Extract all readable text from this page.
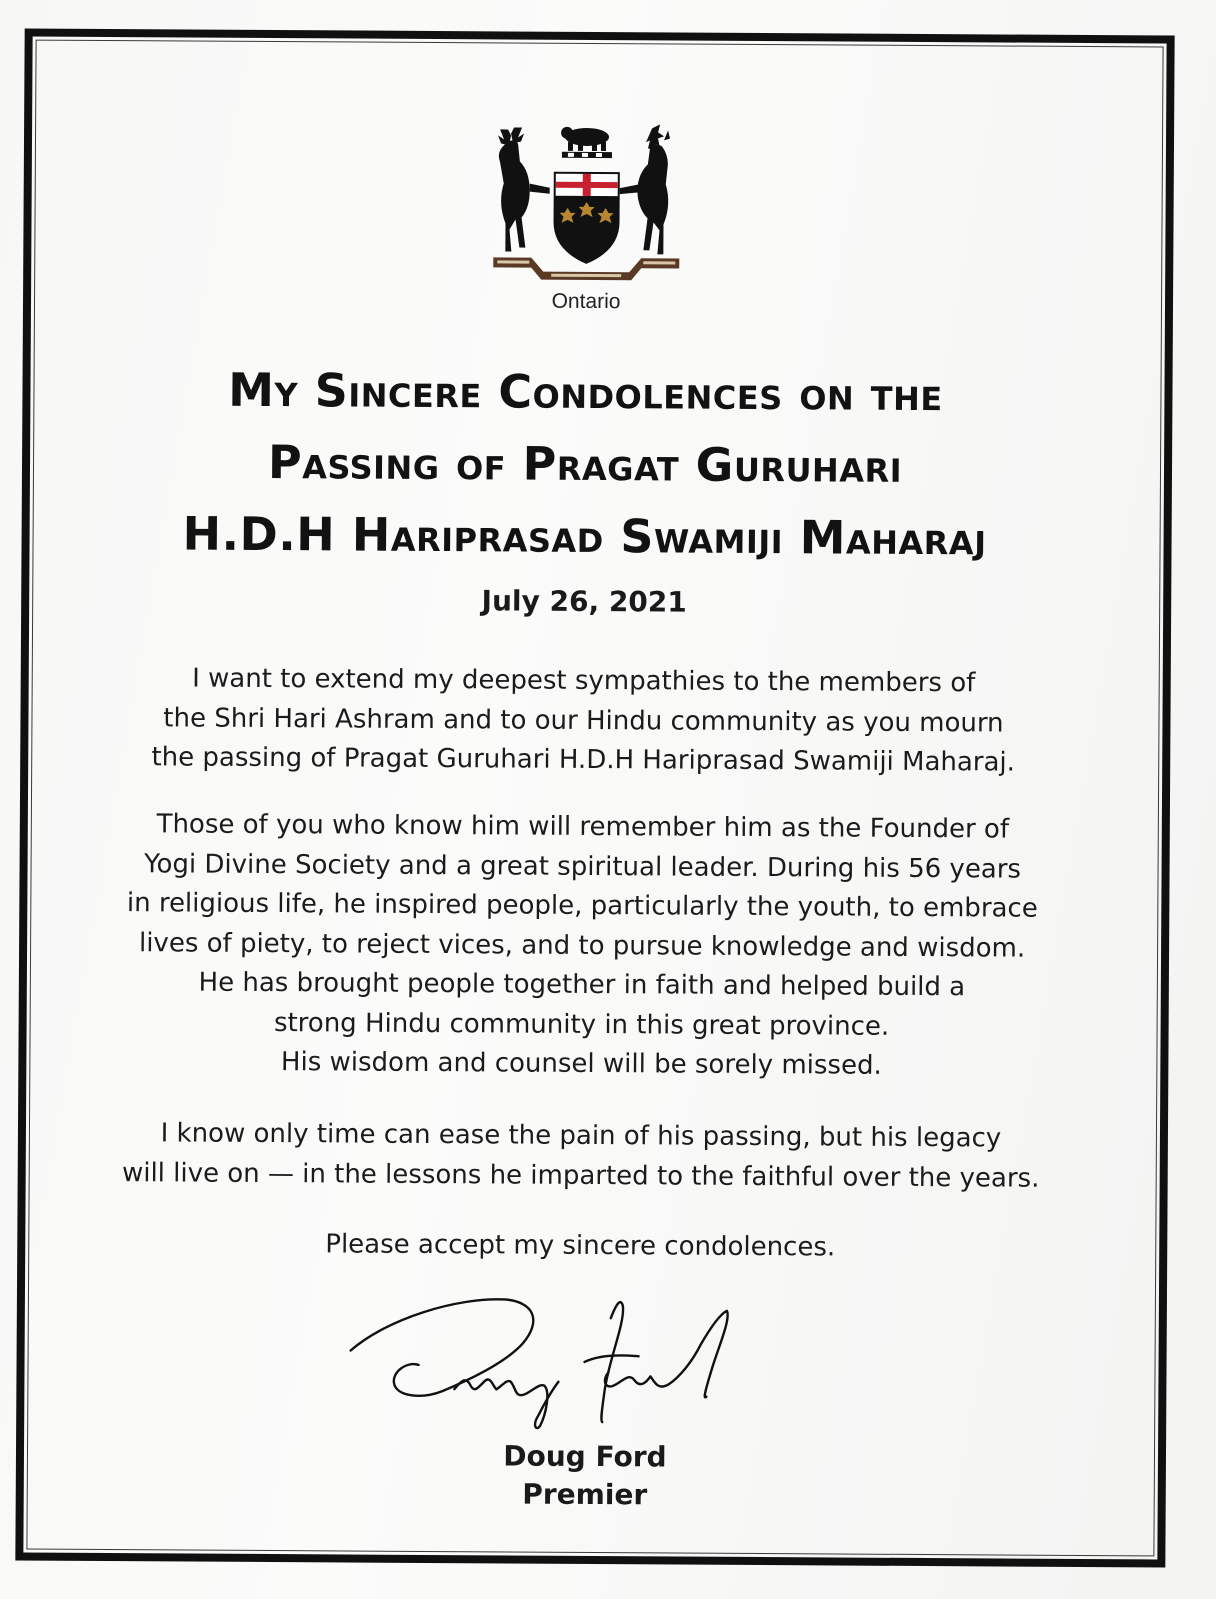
Ontario
My Sincere Condolences on the
Passing of Pragat Guruhari
H.D.H Hariprasad Swamiji Maharaj
July 26, 2021

I want to extend my deepest sympathies to the members of
the Shri Hari Ashram and to our Hindu community as you mourn
the passing of Pragat Guruhari H.D.H Hariprasad Swamiji Maharaj.

Those of you who know him will remember him as the Founder of
Yogi Divine Society and a great spiritual leader. During his 56 years
in religious life, he inspired people, particularly the youth, to embrace
lives of piety, to reject vices, and to pursue knowledge and wisdom.
He has brought people together in faith and helped build a
strong Hindu community in this great province.
His wisdom and counsel will be sorely missed.

I know only time can ease the pain of his passing, but his legacy
will live on — in the lessons he imparted to the faithful over the years.

Please accept my sincere condolences.

Doug Ford
Premier
